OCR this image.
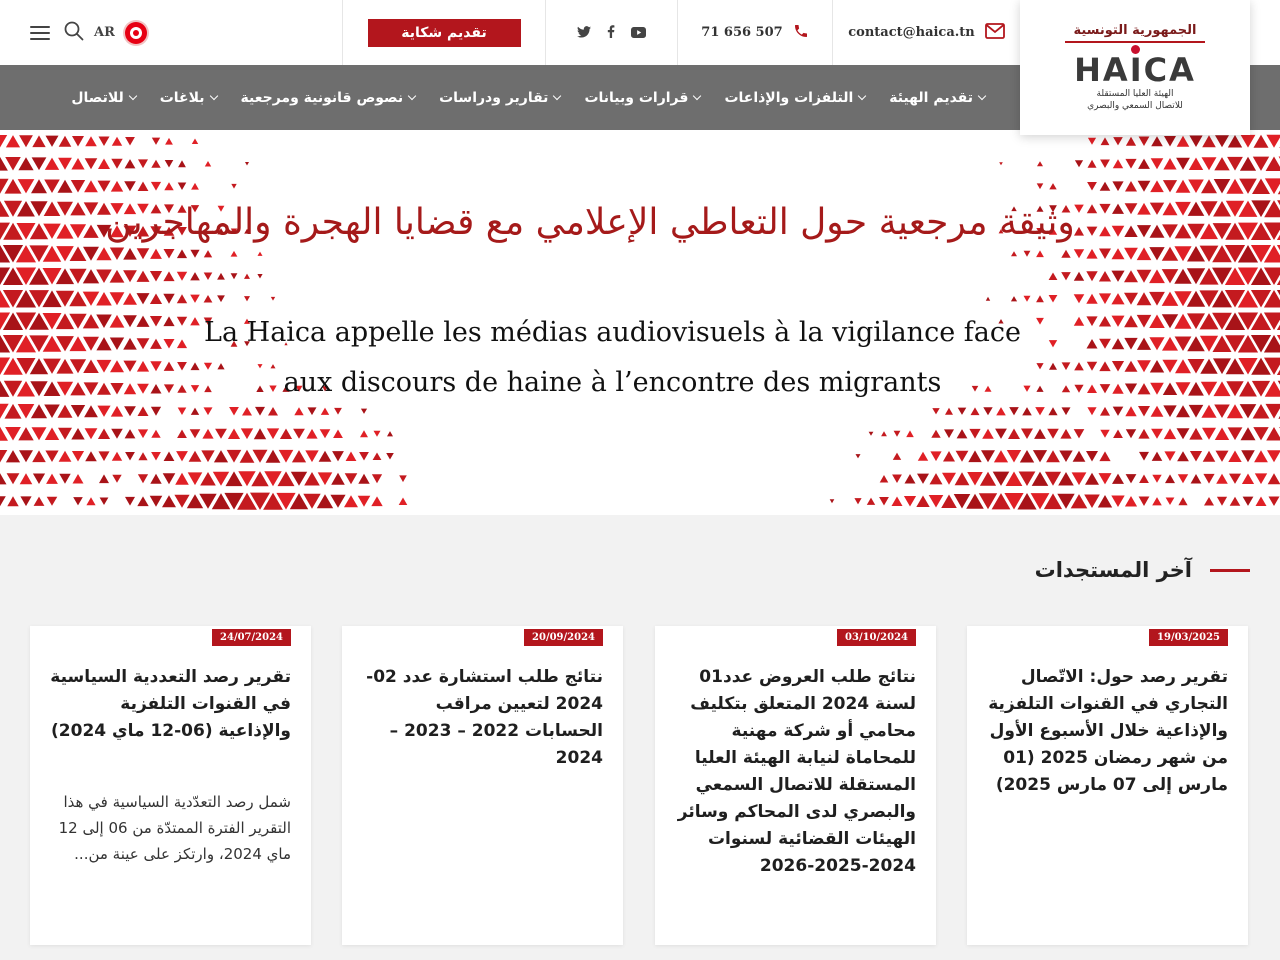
AR	تقديم شكاية	71 656 507	contact@haica.tn
وثيقة مرجعية حول التعاطي الإعلامي مع قضايا الهجرة والمهاجرين
La Haica appelle les médias audiovisuels à la vigilance face
aux discours de haine à l’encontre des migrants
تقديم الهيئة
التلفزات والإذاعات
قرارات وبيانات
تقارير ودراسات
نصوص قانونية ومرجعية
بلاغات
للاتصال
الجمهورية التونسية
HAICA
الهيئة العليا المستقلة
للاتصال السمعي والبصري
آخر المستجدات
19/03/2025
تقرير رصد حول: الاتّصال التجاري في القنوات التلفزية والإذاعية خلال الأسبوع الأول من شهر رمضان 2025 (01 مارس إلى 07 مارس 2025)
03/10/2024
نتائج طلب العروض عدد01 لسنة 2024 المتعلق بتكليف محامي أو شركة مهنية للمحاماة لنيابة الهيئة العليا المستقلة للاتصال السمعي والبصري لدى المحاكم وسائر الهيئات القضائية لسنوات 2024-2025-2026
20/09/2024
نتائج طلب استشارة عدد 02-2024 لتعيين مراقب الحسابات 2022 – 2023 – 2024
24/07/2024
تقرير رصد التعددية السياسية في القنوات التلفزية والإذاعية (06-12 ماي 2024)
شمل رصد التعدّدية السياسية في هذا التقرير الفترة الممتدّة من 06 إلى 12 ماي 2024، وارتكز على عينة من...
